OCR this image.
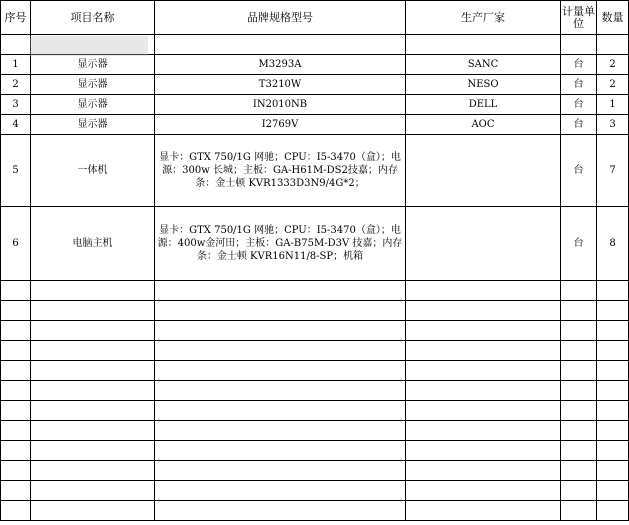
序号	项目名称	品牌规格型号	生产厂家	计量单位	数量

1	显示器	M3293A	SANC	台	2
2	显示器	T3210W	NESO	台	2
3	显示器	IN2010NB	DELL	台	1
4	显示器	I2769V	AOC	台	3
5	一体机	显卡：GTX 750/1G 网驰；CPU：I5-3470（盒）；电源：300w 长城；主板：GA-H61M-DS2技嘉；内存条：金士顿 KVR1333D3N9/4G*2；		台	7
6	电脑主机	显卡：GTX 750/1G 网驰；CPU：I5-3470（盒）；电源：400w金河田；主板：GA-B75M-D3V 技嘉；内存条：金士顿 KVR16N11/8-SP；机箱		台	8
